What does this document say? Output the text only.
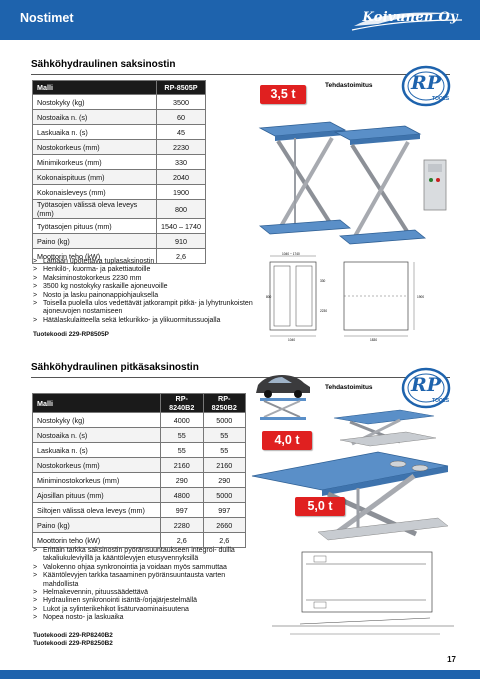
Nostimet	Koivunen Oy
Sähköhydraulinen saksinostin
Malli	RP-8505P
Nostokyky (kg)	3500
Nostoaika n. (s)	60
Laskuaika n. (s)	45
Nostokorkeus (mm)	2230
Minimikorkeus (mm)	330
Kokonaispituus (mm)	2040
Kokonaisleveys (mm)	1900
Työtasojen välissä oleva leveys (mm)	800
Työtasojen pituus (mm)	1540 – 1740
Paino (kg)	910
Moottorin teho (kW)	2,6
Tehdastoimitus RP
TOOLS
3,5 t
> Lattiaan upotettava tuplasaksinostin
> Henkilö-, kuorma- ja pakettiautoille
> Maksiminostokorkeus 2230 mm
> 3500 kg nostokyky raskaille ajoneuvoille
> Nosto ja lasku painonappiohjauksella
> Toisella puolella ulos vedettävät jatkorampit pitkä- ja lyhytrunkoisten ajoneuvojen nostamiseen
> Hätälaskulaitteella sekä letkurikko- ja ylikuormitussuojalla
Tuotekoodi 229-RP8505P
1040 ~ 1740
1040
800	1900
330
2230
1830
Sähköhydraulinen pitkäsaksinostin
Malli	RP-8240B2	RP-8250B2
Nostokyky (kg)	4000	5000
Nostoaika n. (s)	55	55
Laskuaika n. (s)	55	55
Nostokorkeus (mm)	2160	2160
Miniminostokorkeus (mm)	290	290
Ajosillan pituus (mm)	4800	5000
Siltojen välissä oleva leveys (mm)	997	997
Paino (kg)	2280	2660
Moottorin teho (kW)	2,6	2,6
Tehdastoimitus RP
TOOLS
4,0 t
5,0 t
> Erittäin tarkka saksinostin pyöränsuuntaukseen integroi- duilla takaliukuleviyillä ja kääntölevyjen etusyvennyksillä
> Valokenno ohjaa synkronointia ja voidaan myös sammuttaa
> Kääntölevyjen tarkka tasaaminen pyöränsuuntausta varten mahdollista
> Helmakevennin, pituussäädettävä
> Hydraulinen synkronointi isäntä-/orjajärjestelmällä
> Lukot ja sylinterikehikot lisäturvaominaisuutena
> Nopea nosto- ja laskuaika
Tuotekoodi 229-RP8240B2
Tuotekoodi 229-RP8250B2
17
